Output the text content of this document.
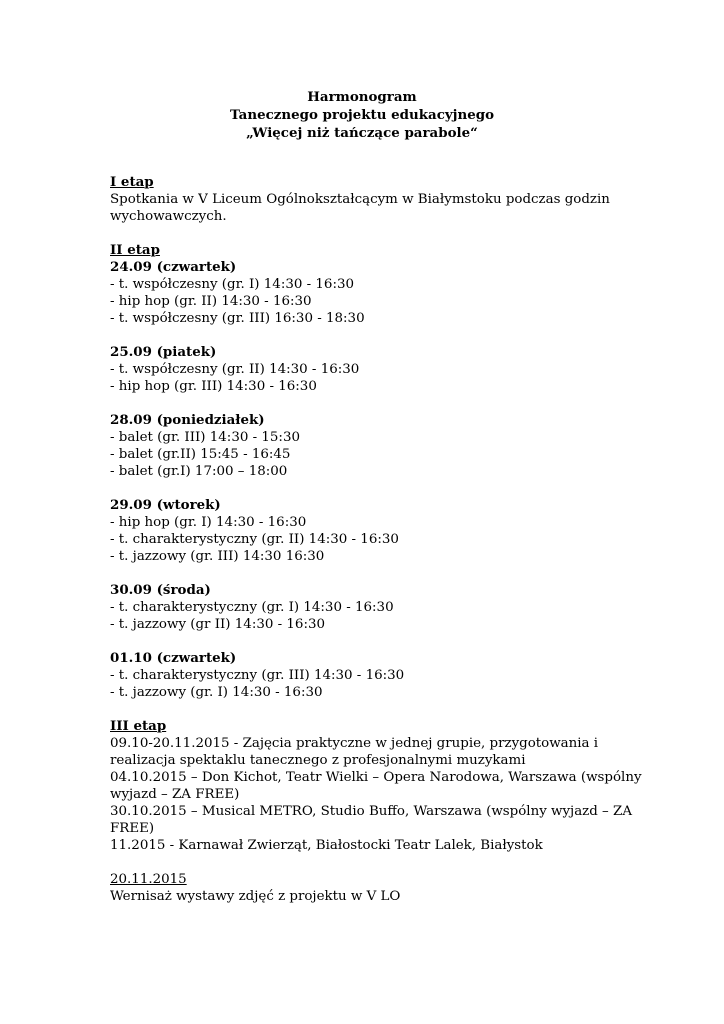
Harmonogram
Tanecznego projektu edukacyjnego
„Więcej niż tańczące parabole“
I etap
Spotkania w V Liceum Ogólnokształcącym w Białymstoku podczas godzin
wychowawczych.
II etap
24.09 (czwartek)
- t. współczesny (gr. I) 14:30 - 16:30
- hip hop (gr. II) 14:30 - 16:30
- t. współczesny (gr. III) 16:30 - 18:30
25.09 (piatek)
- t. współczesny (gr. II) 14:30 - 16:30
- hip hop (gr. III) 14:30 - 16:30
28.09 (poniedziałek)
- balet (gr. III) 14:30 - 15:30
- balet (gr.II) 15:45 - 16:45
- balet (gr.I) 17:00 – 18:00
29.09 (wtorek)
- hip hop (gr. I) 14:30 - 16:30
- t. charakterystyczny (gr. II) 14:30 - 16:30
- t. jazzowy (gr. III) 14:30 16:30
30.09 (środa)
- t. charakterystyczny (gr. I) 14:30 - 16:30
- t. jazzowy (gr II) 14:30 - 16:30
01.10 (czwartek)
- t. charakterystyczny (gr. III) 14:30 - 16:30
- t. jazzowy (gr. I) 14:30 - 16:30
III etap
09.10-20.11.2015 - Zajęcia praktyczne w jednej grupie, przygotowania i
realizacja spektaklu tanecznego z profesjonalnymi muzykami
04.10.2015 – Don Kichot, Teatr Wielki – Opera Narodowa, Warszawa (wspólny
wyjazd – ZA FREE)
30.10.2015 – Musical METRO, Studio Buffo, Warszawa (wspólny wyjazd – ZA
FREE)
11.2015 - Karnawał Zwierząt, Białostocki Teatr Lalek, Białystok
20.11.2015
Wernisaż wystawy zdjęć z projektu w V LO
